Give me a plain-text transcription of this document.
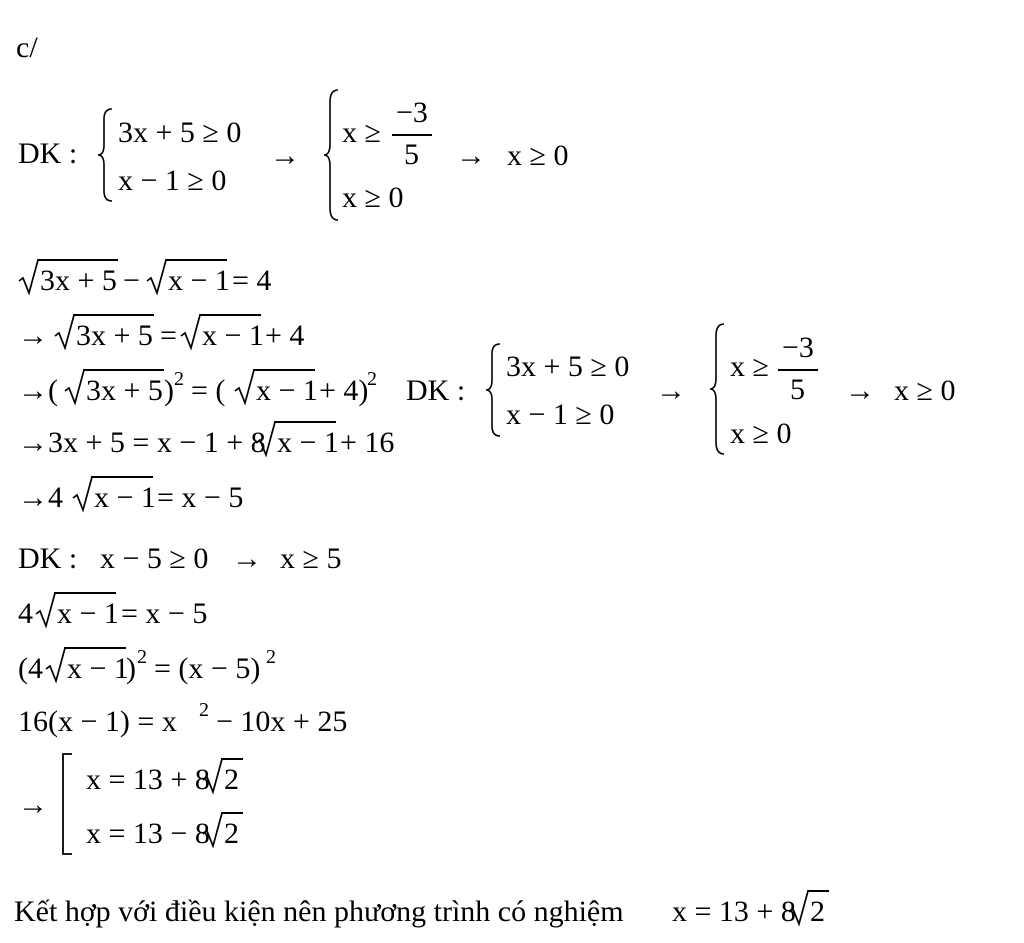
c/
DK :
3x + 5 ≥ 0
x − 1 ≥ 0
→
x ≥
−3
5
x ≥ 0
→ x ≥ 0
3x + 5 − x − 1 = 4
→ 3x + 5 = x − 1 + 4
→( 3x + 5 ) 2 = ( x − 1 + 4)
2
→3x + 5 = x − 1 + 8 x − 1 + 16
→4 x − 1 = x − 5
DK :
3x + 5 ≥ 0
x − 1 ≥ 0
→
x ≥
−3
5
x ≥ 0
→ x ≥ 0
DK : x − 5 ≥ 0 → x ≥ 5
4 x − 1 = x − 5
(4 x − 1
) 2 = (x − 5) 2
16(x − 1) = x 2 − 10x + 25
→
x = 13 + 8 2
x = 13 − 8 2
Kết hợp với điều kiện nên phương trình có nghiệm x = 13 + 8 2
